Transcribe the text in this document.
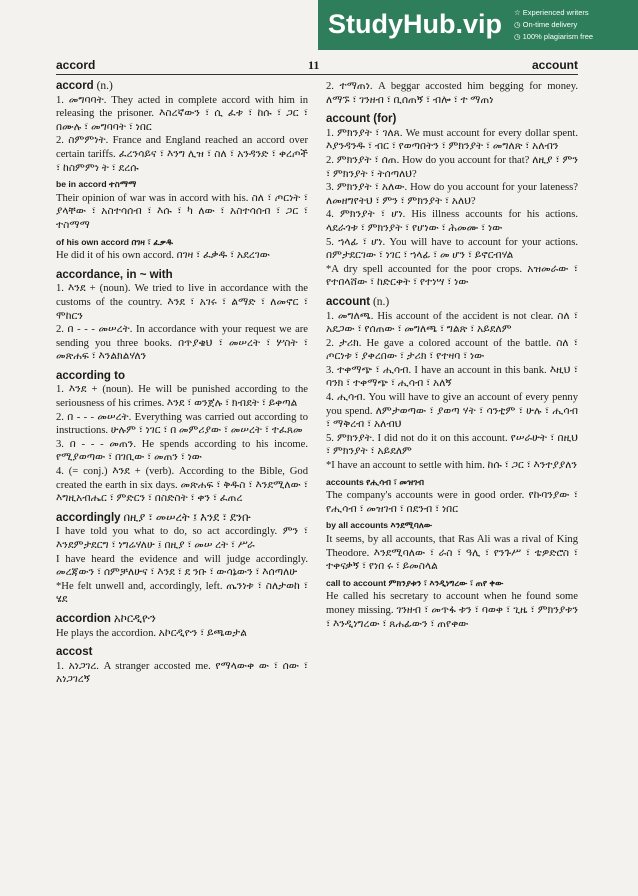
StudyHub.vip ☆ Experienced writers
◷ On-time delivery
◷ 100% plagiarism free
accord	11	account
accord (n.)
1. መግባባት. They acted in complete accord with him in releasing the prisoner. እስረኛውን ፣ ሲ ፈቱ ፣ ከሱ ፣ ጋር ፣ በሙሉ ፣ መግባባት ፣ ነበር
2. ስምምነት. France and England reached an accord over certain tariffs. ፈረንሳይና ፣ እንግ ሊዝ ፣ ስለ ፣ አንዳንድ ፣ ቀረጦች ፣ ከስምምነ ት ፣ ደረሱ
be in accord ተስማማ
Their opinion of war was in accord with his. ስለ ፣ ጦርነት ፣ ያላቸው ፣ አስተሳሰብ ፣ እሱ ፣ ካ ለው ፣ አስተሳሰብ ፣ ጋር ፣ ተስማማ
of his own accord በገዛ ፣ ፈቃዱ
He did it of his own accord. በገዛ ፣ ፈቃዱ ፣ አደረገው
accordance, in ~ with
1. እንደ + (noun). We tried to live in accordance with the customs of the country. እንደ ፣ አገሩ ፣ ልማድ ፣ ለመኖር ፣ ሞከርን
2. በ - - - መሠረት. In accordance with your request we are sending you three books. በጥያቄህ ፣ መሠረት ፣ ሦስት ፣ መጽሐፍ ፣ እንልክልሃለን
according to
1. እንደ + (noun). He will be punished according to the seriousness of his crimes. እንደ ፣ ወንጀሉ ፣ ክብደት ፣ ይቀጣል
2. በ - - - መሠረት. Everything was carried out according to instructions. ሁሉም ፣ ነገር ፣ በ መምሪያው ፣ መሠረት ፣ ተፈጸመ
3. በ - - - መጠን. He spends according to his income. የሚያወጣው ፣ በገቢው ፣ መጠን ፣ ነው
4. (= conj.) እንደ + (verb). According to the Bible, God created the earth in six days. መጽሐፍ ፣ ቅዱስ ፣ እንደሚለው ፣ እግዚአብሔር ፣ ምድርን ፣ በስድስት ፣ ቀን ፣ ፈጠረ
accordingly በዚያ ፣ መሠረት ፤ እንደ ፣ ደንቡ
I have told you what to do, so act accordingly. ምን ፣ እንደምታደርግ ፣ ነግሬሃለሁ ፤ በዚያ ፣ መሠ ረት ፣ ሥራ
I have heard the evidence and will judge accordingly. መረጃውን ፣ ሰምቻለሁና ፣ እንደ ፣ ደ ንቡ ፣ ውሳኔውን ፣ እሰጣለሁ
*He felt unwell and, accordingly, left. ጤንነቱ ፣ ስለታወከ ፣ ሄደ
accordion አኮርዲዮን
He plays the accordion. አኮርዲዮን ፣ ይጫወታል
accost
1. አነጋገረ. A stranger accosted me. የማላውቀ ው ፣ ሰው ፣ አነጋገረኝ
2. ተማጠነ. A beggar accosted him begging for money. ለማኙ ፣ ገንዘብ ፣ ቢሰጠኝ ፣ ብሎ ፣ ተ ማጠነ
account (for)
1. ምክንያት ፣ ገለጸ. We must account for every dollar spent. እያንዳንዱ ፣ ብር ፣ የወጣበትን ፣ ምክንያት ፣ መግለጽ ፣ አለብን
2. ምክንያት ፣ ሰጠ. How do you account for that? ለዚያ ፣ ምን ፣ ምክንያት ፣ ትሰጣለህ?
3. ምክንያት ፣ አለው. How do you account for your lateness? ለመዘግየትህ ፣ ምን ፣ ምክንያት ፣ አለህ?
4. ምክንያት ፣ ሆነ. His illness accounts for his actions. ላደራጎቱ ፣ ምክንያት ፣ የሆነው ፣ ሕመሙ ፣ ነው
5. ኀላፊ ፣ ሆነ. You will have to account for your actions. በምታደርገው ፣ ነገር ፣ ኀላፊ ፣ መ ሆን ፣ ይኖርብሃል
*A dry spell accounted for the poor crops. አዝመራው ፣ የተበላሸው ፣ ከድርቀት ፣ የተነሣ ፣ ነው
account (n.)
1. መግለጫ. His account of the accident is not clear. ስለ ፣ አደጋው ፣ የሰጠው ፣ መግለጫ ፣ ግልጽ ፣ አይደለም
2. ታሪክ. He gave a colored account of the battle. ስለ ፣ ጦርነቱ ፣ ያቀረበው ፣ ታሪክ ፣ የተዛባ ፣ ነው
3. ተቀማጭ ፣ ሒሳብ. I have an account in this bank. እዚህ ፣ ባንክ ፣ ተቀማጭ ፣ ሒሳብ ፣ አለኝ
4. ሒሳብ. You will have to give an account of every penny you spend. ለምታወጣው ፣ ያወጣ ሃት ፣ ሳንቲም ፣ ሁሉ ፣ ሒሳብ ፣ ማቅረብ ፣ አለብህ
5. ምክንያት. I did not do it on this account. የሠራሁት ፣ በዚህ ፣ ምክንያት ፣ አይደለም
*I have an account to settle with him. ከሱ ፣ ጋር ፣ እንተያያለን
accounts የሒሳብ ፣ መዝገብ
The company's accounts were in good order. የኩባንያው ፣ የሒሳብ ፣ መዝገብ ፣ በደንብ ፣ ነበር
by all accounts እንደሚባለው
It seems, by all accounts, that Ras Ali was a rival of King Theodore. እንደሚባለው ፣ ራስ ፣ ዓሊ ፣ የንጉሥ ፣ ቴዎድሮስ ፣ ተቀናቃኝ ፣ የነበ ሩ ፣ ይመስላል
call to account ምክንያቱን ፣ እንዲነግረው ፣ ጠየ ቀው
He called his secretary to account when he found some money missing. ገንዘብ ፣ መጥፋ ቱን ፣ ባወቀ ፣ ጊዜ ፣ ምክንያቱን ፣ እንዲነግረው ፣ ጸሐፊውን ፣ ጠየቀው
